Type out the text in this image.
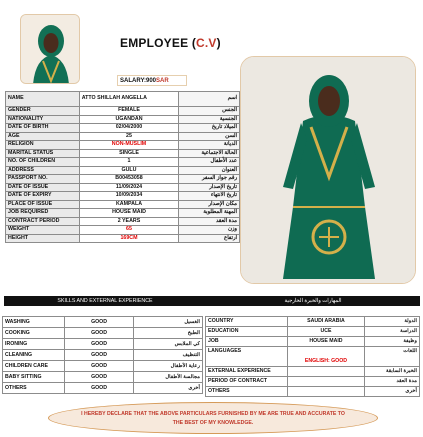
EMPLOYEE (C.V)
SALARY:900SAR
NAME	ATTO SHILLAH ANGELLA	اسم
GENDER	FEMALE	الجنس
NATIONALITY	UGANDAN	الجنسية
DATE OF BIRTH	02/04/2000	الميلاد تاريخ
AGE	25	السن
RELIGION	NON-MUSLIM	الديانة
MARITAL STATUS	SINGLE	الحالة الاجتماعية
NO. OF CHILDREN	1	عدد الأطفال
ADDRESS	GULU	العنوان
PASSPORT NO.	B00453058	رقم جواز السفر
DATE OF ISSUE	11/09/2024	تاريخ الإصدار
DATE OF EXPIRY	10/09/2034	تاريخ الانتهاء
PLACE OF ISSUE	KAMPALA	مكان الإصدار
JOB REQUIRED	HOUSE MAID	المهنة المطلوبة
CONTRACT PERIOD	2 YEARS	مدة العقد
WEIGHT	65	وزن
HEIGHT	169CM	ارتفاع
SKILLS AND EXTERNAL EXPERIENCE	المهارات والخبرة الخارجية
WASHING	GOOD	الغسيل
COOKING	GOOD	الطبخ
IRONING	GOOD	كي الملابس
CLEANING	GOOD	التنظيف
CHILDREN CARE	GOOD	رعاية الأطفال
BABY SITTING	GOOD	مجالسة الأطفال
OTHERS	GOOD	أخرى
COUNTRY	SAUDI ARABIA	الدولة
EDUCATION	UCE	الدراسة
JOB	HOUSE MAID	وظيفة
LANGUAGES	ENGLISH: GOOD	اللغات
EXTERNAL EXPERIENCE		الخبرة السابقة
PERIOD OF CONTRACT		مدة العقد
OTHERS		أخرى
I HEREBY DECLARE THAT THE ABOVE PARTICULARS FURNISHED BY ME ARE TRUE AND ACCURATE TO THE BEST OF MY KNOWLEDGE.
